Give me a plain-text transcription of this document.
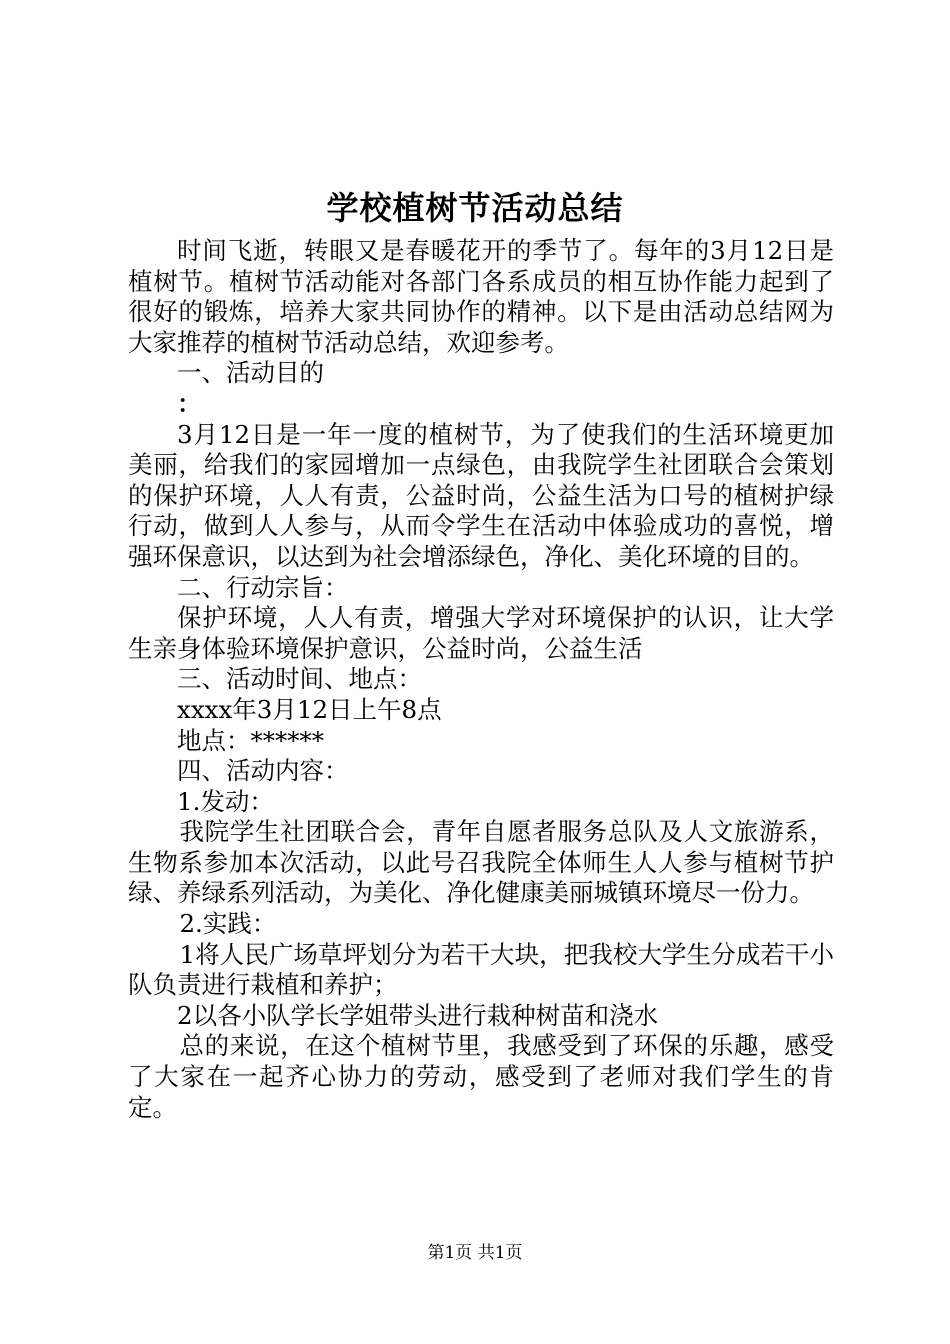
学校植树节活动总结

时间飞逝，转眼又是春暖花开的季节了。每年的3月12日是植树节。植树节活动能对各部门各系成员的相互协作能力起到了很好的锻炼，培养大家共同协作的精神。以下是由活动总结网为大家推荐的植树节活动总结，欢迎参考。

一、活动目的

：

3月12日是一年一度的植树节，为了使我们的生活环境更加美丽，给我们的家园增加一点绿色，由我院学生社团联合会策划的保护环境，人人有责，公益时尚，公益生活为口号的植树护绿行动，做到人人参与，从而令学生在活动中体验成功的喜悦，增强环保意识，以达到为社会增添绿色，净化、美化环境的目的。

二、行动宗旨：

保护环境，人人有责，增强大学对环境保护的认识，让大学生亲身体验环境保护意识，公益时尚，公益生活

三、活动时间、地点：

xxxx年3月12日上午8点

地点：******

四、活动内容：

1.发动：

我院学生社团联合会，青年自愿者服务总队及人文旅游系，生物系参加本次活动，以此号召我院全体师生人人参与植树节护绿、养绿系列活动，为美化、净化健康美丽城镇环境尽一份力。

2.实践：

1将人民广场草坪划分为若干大块，把我校大学生分成若干小队负责进行栽植和养护；

2以各小队学长学姐带头进行栽种树苗和浇水

总的来说，在这个植树节里，我感受到了环保的乐趣，感受了大家在一起齐心协力的劳动，感受到了老师对我们学生的肯定。

第1页 共1页
